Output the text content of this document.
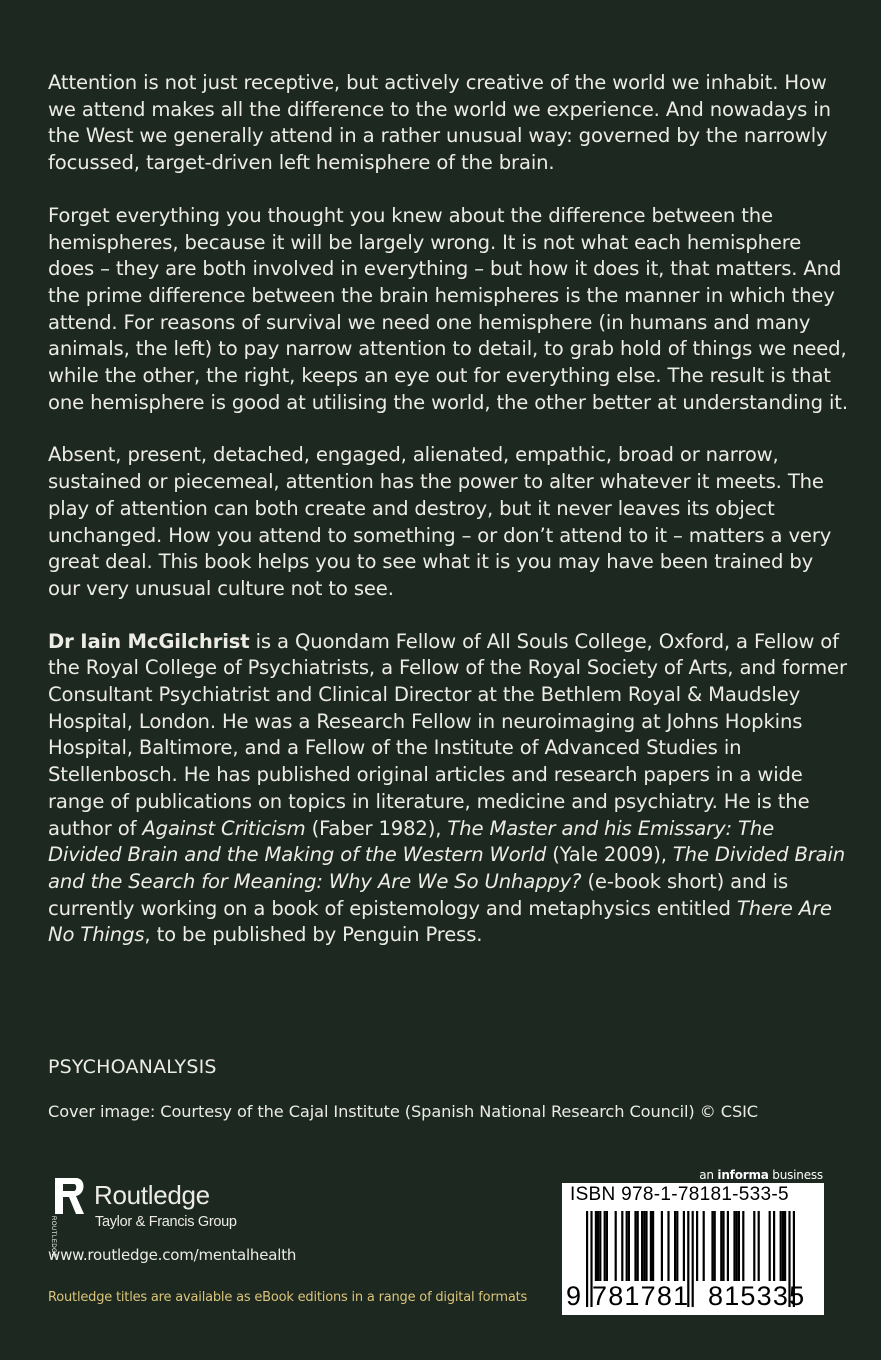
Attention is not just receptive, but actively creative of the world we inhabit. How we attend makes all the difference to the world we experience. And nowadays in the West we generally attend in a rather unusual way: governed by the narrowly focussed, target-driven left hemisphere of the brain.

Forget everything you thought you knew about the difference between the hemispheres, because it will be largely wrong. It is not what each hemisphere does – they are both involved in everything – but how it does it, that matters. And the prime difference between the brain hemispheres is the manner in which they attend. For reasons of survival we need one hemisphere (in humans and many animals, the left) to pay narrow attention to detail, to grab hold of things we need, while the other, the right, keeps an eye out for everything else. The result is that one hemisphere is good at utilising the world, the other better at understanding it.

Absent, present, detached, engaged, alienated, empathic, broad or narrow, sustained or piecemeal, attention has the power to alter whatever it meets. The play of attention can both create and destroy, but it never leaves its object unchanged. How you attend to something – or don’t attend to it – matters a very great deal. This book helps you to see what it is you may have been trained by our very unusual culture not to see.

Dr Iain McGilchrist is a Quondam Fellow of All Souls College, Oxford, a Fellow of the Royal College of Psychiatrists, a Fellow of the Royal Society of Arts, and former Consultant Psychiatrist and Clinical Director at the Bethlem Royal & Maudsley Hospital, London. He was a Research Fellow in neuroimaging at Johns Hopkins Hospital, Baltimore, and a Fellow of the Institute of Advanced Studies in Stellenbosch. He has published original articles and research papers in a wide range of publications on topics in literature, medicine and psychiatry. He is the author of Against Criticism (Faber 1982), The Master and his Emissary: The Divided Brain and the Making of the Western World (Yale 2009), The Divided Brain and the Search for Meaning: Why Are We So Unhappy? (e-book short) and is currently working on a book of epistemology and metaphysics entitled There Are No Things, to be published by Penguin Press.

PSYCHOANALYSIS
Cover image: Courtesy of the Cajal Institute (Spanish National Research Council) © CSIC
ROUTLEDGE
Routledge
Taylor & Francis Group
www.routledge.com/mentalhealth
Routledge titles are available as eBook editions in a range of digital formats
an informa business
ISBN 978-1-78181-533-5
9 781781 815335
